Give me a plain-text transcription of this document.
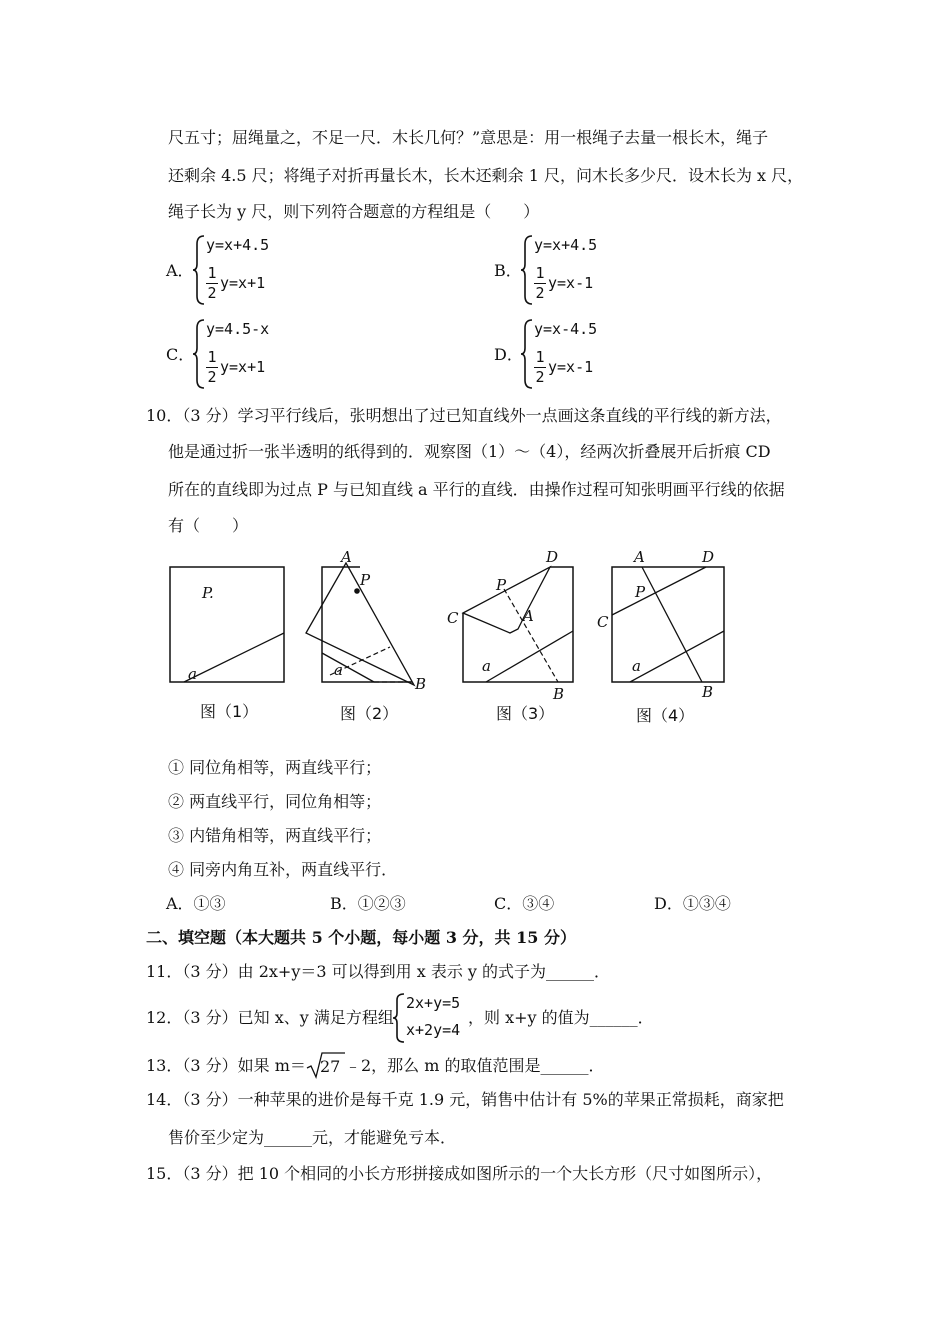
尺五寸；屈绳量之，不足一尺．木长几何？”意思是：用一根绳子去量一根长木，绳子
还剩余 4.5 尺；将绳子对折再量长木，长木还剩余 1 尺，问木长多少尺．设木长为 x 尺，
绳子长为 y 尺，则下列符合题意的方程组是（　　）
A．
y=x+4.5
1
2
y=x+1
B．
y=x+4.5
1
2
y=x-1
C．
y=4.5-x
1
2
y=x+1
D．
y=x-4.5
1
2
y=x-1
10．（3 分）学习平行线后，张明想出了过已知直线外一点画这条直线的平行线的新方法，
他是通过折一张半透明的纸得到的．观察图（1）～（4），经两次折叠展开后折痕 CD
所在的直线即为过点 P 与已知直线 a 平行的直线．由操作过程可知张明画平行线的依据
有（　　）
P.
a
A
P
a
B
C
D
P
A
a
B
A	D
P
C
a
B
图（1）	图（2）	图（3）	图（4）
① 同位角相等，两直线平行；
② 两直线平行，同位角相等；
③ 内错角相等，两直线平行；
④ 同旁内角互补，两直线平行．
A．①③	B．①②③	C．③④	D．①③④
二、填空题（本大题共 5 个小题，每小题 3 分，共 15 分）
11．（3 分）由 2x+y＝3 可以得到用 x 表示 y 的式子为______．
12．（3 分）已知 x、y 满足方程组
2x+y=5
x+2y=4
，则 x+y 的值为______．
13．（3 分）如果 m＝ 27 ﹣2，那么 m 的取值范围是______．
14．（3 分）一种苹果的进价是每千克 1.9 元，销售中估计有 5%的苹果正常损耗，商家把
售价至少定为______元，才能避免亏本．
15．（3 分）把 10 个相同的小长方形拼接成如图所示的一个大长方形（尺寸如图所示），
